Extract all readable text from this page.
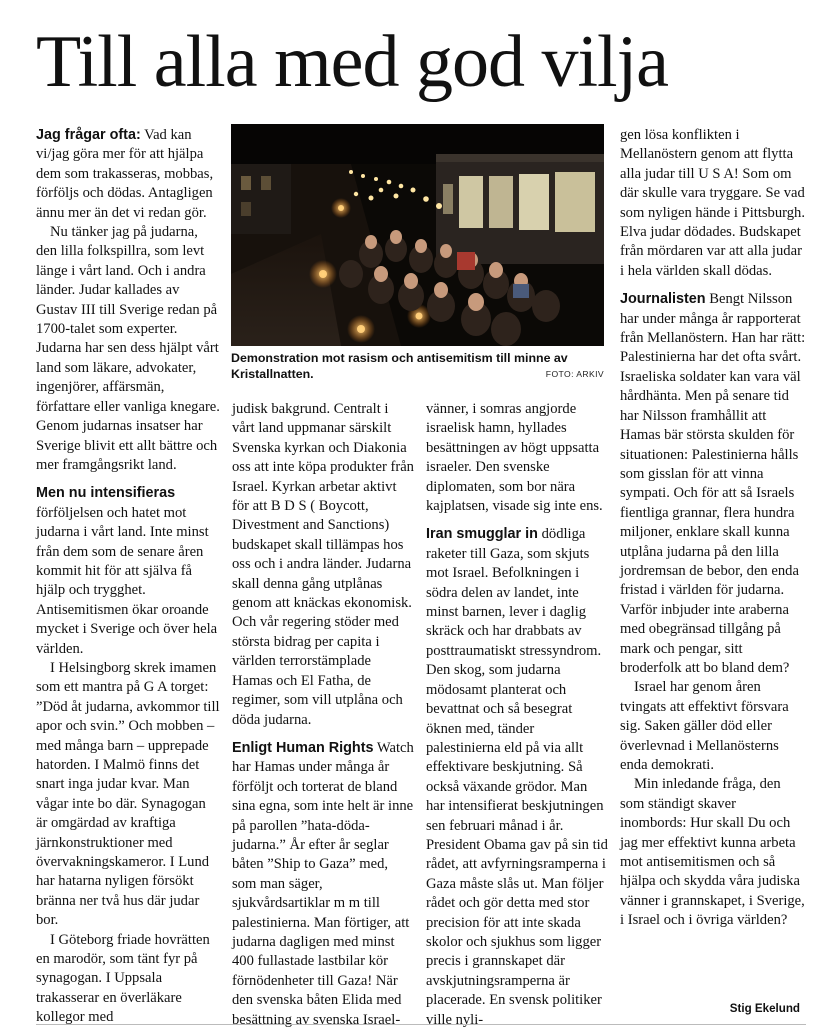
Till alla med god vilja

Jag frågar ofta: Vad kan vi/jag göra mer för att hjälpa dem som trakasseras, mobbas, förföljs och dödas. Antagligen ännu mer än det vi redan gör.

Nu tänker jag på judarna, den lilla folkspillra, som levt länge i vårt land. Och i andra länder. Judar kallades av Gustav III till Sverige redan på 1700-talet som experter. Judarna har sen dess hjälpt vårt land som läkare, advokater, ingenjörer, affärsmän, författare eller vanliga knegare. Genom judarnas insatser har Sverige blivit ett allt bättre och mer framgångsrikt land.

Men nu intensifieras förföljelsen och hatet mot judarna i vårt land. Inte minst från dem som de senare åren kommit hit för att själva få hjälp och trygghet. Antisemitismen ökar oroande mycket i Sverige och över hela världen.

I Helsingborg skrek imamen som ett mantra på G A torget: ”Död åt judarna, avkommor till apor och svin.” Och mobben – med många barn – upprepade hatorden. I Malmö finns det snart inga judar kvar. Man vågar inte bo där. Synagogan är omgärdad av kraftiga järnkonstruktioner med övervakningskameror. I Lund har hatarna nyligen försökt bränna ner två hus där judar bor.

I Göteborg friade hovrätten en marodör, som tänt fyr på synagogan. I Uppsala trakasserar en överläkare kollegor med

Demonstration mot rasism och antisemitism till minne av Kristallnatten.	FOTO: ARKIV

judisk bakgrund. Centralt i vårt land uppmanar särskilt Svenska kyrkan och Diakonia oss att inte köpa produkter från Israel. Kyrkan arbetar aktivt för att B D S ( Boycott, Divestment and Sanctions) budskapet skall tillämpas hos oss och i andra länder. Judarna skall denna gång utplånas genom att knäckas ekonomisk. Och vår regering stöder med största bidrag per capita i världen terrorstämplade Hamas och El Fatha, de regimer, som vill utplåna och döda judarna.

Enligt Human Rights Watch har Hamas under många år förföljt och torterat de bland sina egna, som inte helt är inne på parollen ”hata-döda-judarna.” År efter år seglar båten ”Ship to Gaza” med, som man säger, sjukvårdsartiklar m m till palestinierna. Man förtiger, att judarna dagligen med minst 400 fullastade lastbilar kör förnödenheter till Gaza! När den svenska båten Elida med besättning av svenska Israel-

vänner, i somras angjorde israelisk hamn, hyllades besättningen av högt uppsatta israeler. Den svenske diplomaten, som bor nära kajplatsen, visade sig inte ens.

Iran smugglar in dödliga raketer till Gaza, som skjuts mot Israel. Befolkningen i södra delen av landet, inte minst barnen, lever i daglig skräck och har drabbats av posttraumatiskt stressyndrom. Den skog, som judarna mödosamt planterat och bevattnat och så besegrat öknen med, tänder palestinierna eld på via allt effektivare beskjutning. Så också växande grödor. Man har intensifierat beskjutningen sen februari månad i år. President Obama gav på sin tid rådet, att avfyrningsramperna i Gaza måste slås ut. Man följer rådet och gör detta med stor precision för att inte skada skolor och sjukhus som ligger precis i grannskapet där avskjutningsramperna är placerade. En svensk politiker ville nyli-

gen lösa konflikten i Mellanöstern genom att flytta alla judar till U S A! Som om där skulle vara tryggare. Se vad som nyligen hände i Pittsburgh. Elva judar dödades. Budskapet från mördaren var att alla judar i hela världen skall dödas.

Journalisten Bengt Nilsson har under många år rapporterat från Mellanöstern. Han har rätt: Palestinierna har det ofta svårt. Israeliska soldater kan vara väl hårdhänta. Men på senare tid har Nilsson framhållit att Hamas bär största skulden för situationen: Palestinierna hålls som gisslan för att vinna sympati. Och för att så Israels fientliga grannar, flera hundra miljoner, enklare skall kunna utplåna judarna på den lilla jordremsan de bebor, den enda fristad i världen för judarna. Varför inbjuder inte araberna med obegränsad tillgång på mark och pengar, sitt broderfolk att bo bland dem?

Israel har genom åren tvingats att effektivt försvara sig. Saken gäller död eller överlevnad i Mellanösterns enda demokrati.

Min inledande fråga, den som ständigt skaver inombords: Hur skall Du och jag mer effektivt kunna arbeta mot antisemitismen och så hjälpa och skydda våra judiska vänner i grannskapet, i Sverige, i Israel och i övriga världen?

Stig Ekelund
